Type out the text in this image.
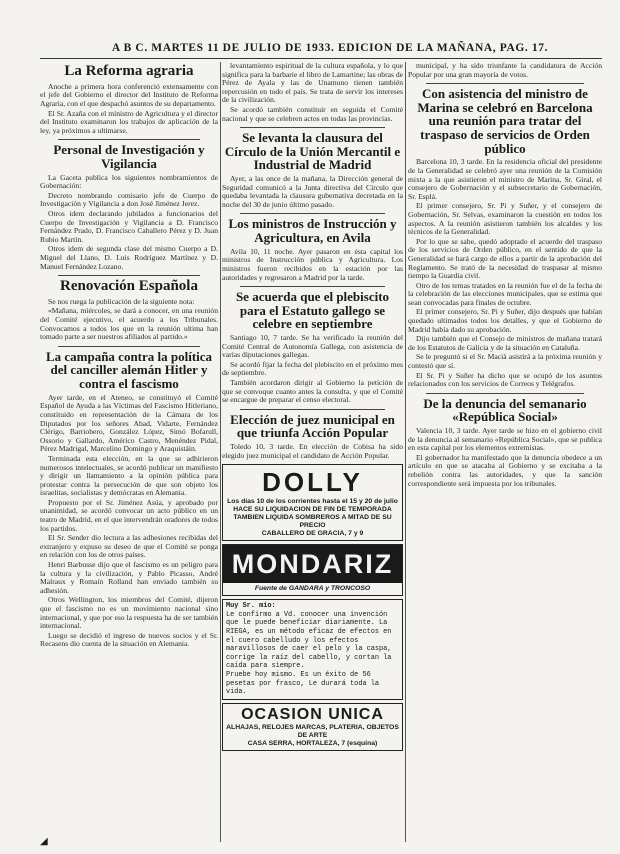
A B C. MARTES 11 DE JULIO DE 1933. EDICION DE LA MAÑANA, PAG. 17.
La Reforma agraria

Anoche a primera hora conferenció extensamente con el jefe del Gobierno el director del Instituto de Reforma Agraria, con el que despachó asuntos de su departamento.

El Sr. Azaña con el ministro de Agricultura y el director del Instituto examinaron los trabajos de aplicación de la ley, ya próximos a ultimarse.

Personal de Investigación y Vigilancia

La Gaceta publica los siguientes nombramientos de Gobernación:

Decreto nombrando comisario jefe de Cuerpo de Investigación y Vigilancia a don José Jiménez Jerez.

Otros idem declarando jubilados a funcionarios del Cuerpo de Investigación y Vigilancia a D. Francisco Fernández Prado, D. Francisco Caballero Pérez y D. Juan Rubio Martín.

Otros idem de segunda clase del mismo Cuerpo a D. Miguel del Llano, D. Luis Rodríguez Martínez y D. Manuel Fernández Lozano.

Renovación Española

Se nos ruega la publicación de la siguiente nota:

«Mañana, miércoles, se dará a conocer, en una reunión del Comité ejecutivo, el acuerdo a los Tribunales. Convocamos a todos los que en la reunión ultima han tomado parte a ser nuestros afiliados al partido.»

La campaña contra la política del canciller alemán Hitler y contra el fascismo

Ayer tarde, en el Ateneo, se constituyó el Comité Español de Ayuda a las Víctimas del Fascismo Hitleriano, constituido en representación de la Cámara de los Diputados por los señores Abad, Vidarte, Fernández Clérigo, Barriobero, González López, Simó Bofarull, Ossorio y Gallardo, Américo Castro, Menéndez Pidal, Pérez Madrigal, Marcelino Domingo y Araquistáin.

Terminada esta elección, en la que se adhirieron numerosos intelectuales, se acordó publicar un manifiesto y dirigir un llamamiento a la opinión pública para protestar contra la persecución de que son objeto los israelitas, socialistas y demócratas en Alemania.

Propuesto por el Sr. Jiménez Asúa, y aprobado por unanimidad, se acordó convocar un acto público en un teatro de Madrid, en el que intervendrán oradores de todos los partidos.

El Sr. Sender dio lectura a las adhesiones recibidas del extranjero y expuso su deseo de que el Comité se ponga en relación con los de otros países.

Henri Barbusse dijo que el fascismo es un peligro para la cultura y la civilización, y Pablo Picasso, André Malraux y Romain Rolland han enviado también su adhesión.

Otros Wellington, los miembros del Comité, dijeron que el fascismo no es un movimiento nacional sino internacional, y que por eso la respuesta ha de ser también internacional.

Luego se decidió el ingreso de nuevos socios y el Sr. Recasens dio cuenta de la situación en Alemania.

levantamiento espiritual de la cultura española, y lo que significa para la barbarie el libro de Lamartine; las obras de Pérez de Ayala y las de Unamuno tienen también repercusión en todo el país. Se trata de servir los intereses de la civilización.

Se acordó también constituir en seguida el Comité nacional y que se celebren actos en todas las provincias.

Se levanta la clausura del Círculo de la Unión Mercantil e Industrial de Madrid

Ayer, a las once de la mañana, la Dirección general de Seguridad comunicó a la Junta directiva del Círculo que quedaba levantada la clausura gubernativa decretada en la noche del 30 de junio último pasado.

Los ministros de Instrucción y Agricultura, en Avila

Avila 10, 11 noche. Ayer pasaron en ésta capital los ministros de Instrucción pública y Agricultura. Los ministros fueron recibidos en la estación por las autoridades y regresaron a Madrid por la tarde.

Se acuerda que el plebiscito para el Estatuto gallego se celebre en septiembre

Santiago 10, 7 tarde. Se ha verificado la reunión del Comité Central de Autonomía Gallega, con asistencia de varias diputaciones gallegas.

Se acordó fijar la fecha del plebiscito en el próximo mes de septiembre.

También acordaron dirigir al Gobierno la petición de que se convoque cuanto antes la consulta, y que el Comité se encargue de preparar el censo electoral.

Elección de juez municipal en que triunfa Acción Popular

Toledo 10, 3 tarde. En elección de Cobisa ha sido elegido juez municipal el candidato de Acción Popular.

DOLLY
Los días 10 de los corrientes hasta el 15 y 20 de julio
HACE SU LIQUIDACION DE FIN DE TEMPORADA
TAMBIEN LIQUIDA SOMBREROS A MITAD DE SU PRECIO
CABALLERO DE GRACIA, 7 y 9
MONDARIZ
Fuente de GANDARA y TRONCOSO
Muy Sr. mío:
Le confirmo a Vd. conocer una invención que le puede beneficiar diariamente. La RIEGA, es un método eficaz de efectos en el cuero cabelludo y los efectos maravillosos de caer el pelo y la caspa, corrige la raíz del cabello, y cortan la caída para siempre.
Pruebe hoy mismo. Es un éxito de 56 pesetas por frasco, Le durará toda la vida.
OCASION UNICA
ALHAJAS, RELOJES MARCAS, PLATERIA, OBJETOS DE ARTE
CASA SERRA, HORTALEZA, 7 (esquina)

municipal, y ha sido triunfante la candidatura de Acción Popular por una gran mayoría de votos.

Con asistencia del ministro de Marina se celebró en Barcelona una reunión para tratar del traspaso de servicios de Orden público

Barcelona 10, 3 tarde. En la residencia oficial del presidente de la Generalidad se celebró ayer una reunión de la Comisión mixta a la que asistieron el ministro de Marina, Sr. Giral, el consejero de Gobernación y el subsecretario de Gobernación, Sr. Esplá.

El primer consejero, Sr. Pi y Suñer, y el consejero de Gobernación, Sr. Selvas, examinaron la cuestión en todos los aspectos. A la reunión asistieron también los alcaldes y los técnicos de la Generalidad.

Por lo que se sabe, quedó adoptado el acuerdo del traspaso de los servicios de Orden público, en el sentido de que la Generalidad se hará cargo de ellos a partir de la aprobación del Reglamento. Se trató de la necesidad de traspasar al mismo tiempo la Guardia civil.

Otro de los temas tratados en la reunión fue el de la fecha de la celebración de las elecciones municipales, que se estima que sean convocadas para finales de octubre.

El primer consejero, Sr. Pi y Suñer, dijo después que habían quedado ultimados todos los detalles, y que el Gobierno de Madrid había dado su aprobación.

Dijo también que el Consejo de ministros de mañana tratará de los Estatutos de Galicia y de la situación en Cataluña.

Se le preguntó si el Sr. Macià asistirá a la próxima reunión y contestó que sí.

El Sr. Pi y Suñer ha dicho que se ocupó de los asuntos relacionados con los servicios de Correos y Telégrafos.

De la denuncia del semanario «República Social»

Valencia 10, 3 tarde. Ayer tarde se hizo en el gobierno civil de la denuncia al semanario «República Social», que se publica en esta capital por los elementos extremistas.

El gobernador ha manifestado que la denuncia obedece a un artículo en que se atacaba al Gobierno y se excitaba a la rebelión contra las autoridades, y que la sanción correspondiente será impuesta por los tribunales.

◢
